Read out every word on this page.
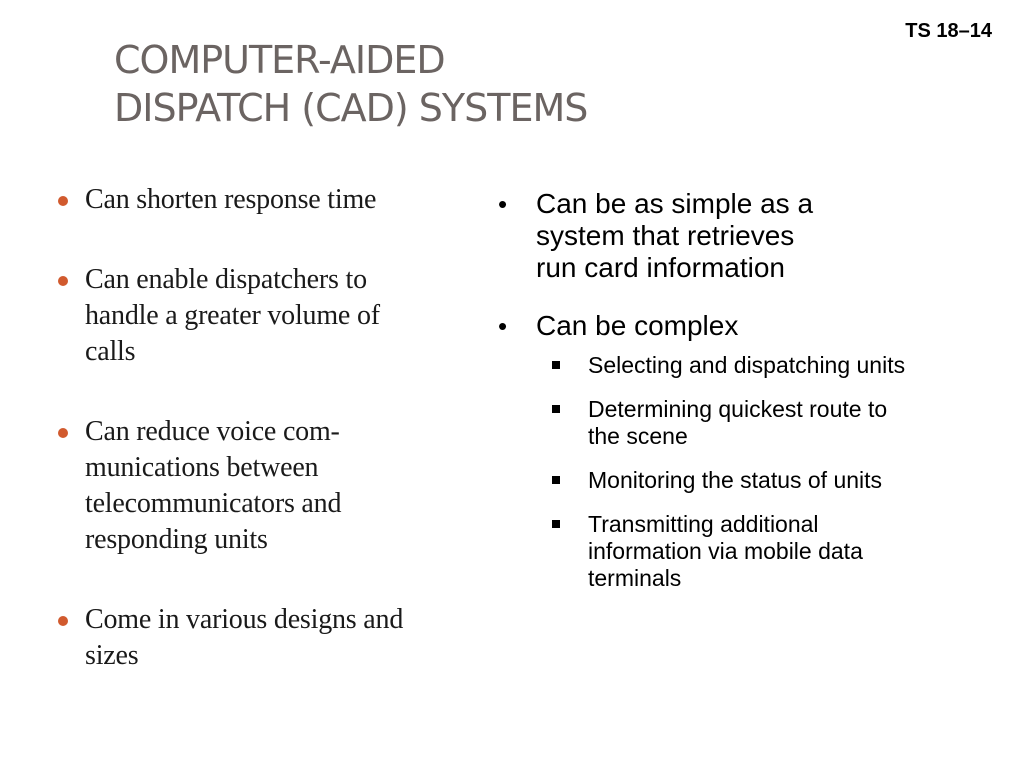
TS 18–14
COMPUTER-AIDED
DISPATCH (CAD) SYSTEMS
Can shorten response time
Can enable dispatchers to
handle a greater volume of
calls
Can reduce voice com-
munications between
telecommunicators and
responding units
Come in various designs and
sizes
• Can be as simple as a
system that retrieves
run card information
• Can be complex
Selecting and dispatching units
Determining quickest route to
the scene
Monitoring the status of units
Transmitting additional
information via mobile data
terminals
